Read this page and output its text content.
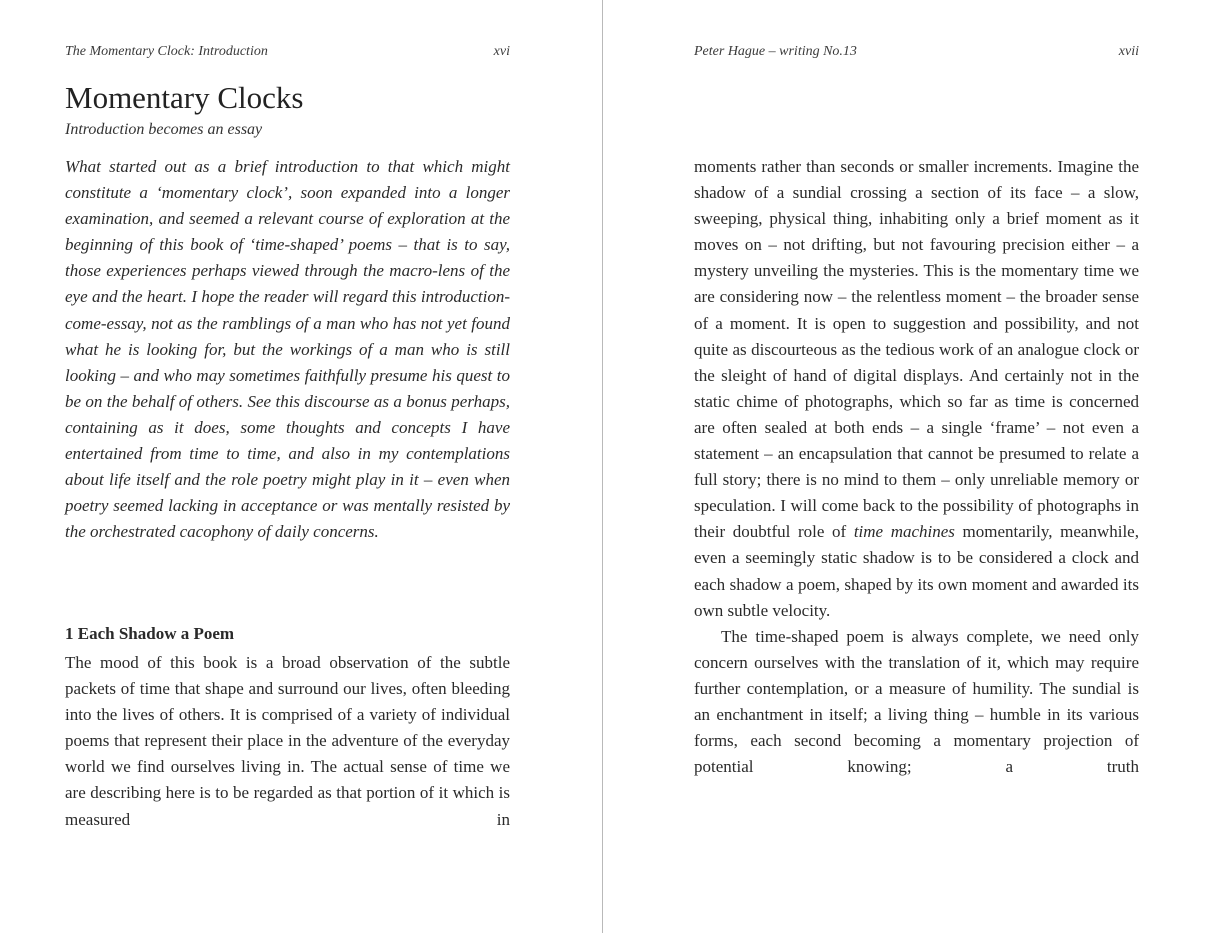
The Momentary Clock: Introduction	xvi
Momentary Clocks
Introduction becomes an essay

What started out as a brief introduction to that which might constitute a ‘momentary clock’, soon expanded into a longer examination, and seemed a relevant course of exploration at the beginning of this book of ‘time-shaped’ poems – that is to say, those experiences perhaps viewed through the macro-lens of the eye and the heart. I hope the reader will regard this introduction-come-essay, not as the ramblings of a man who has not yet found what he is looking for, but the workings of a man who is still looking – and who may sometimes faithfully presume his quest to be on the behalf of others. See this discourse as a bonus perhaps, containing as it does, some thoughts and concepts I have entertained from time to time, and also in my contemplations about life itself and the role poetry might play in it – even when poetry seemed lacking in acceptance or was mentally resisted by the orchestrated cacophony of daily concerns.

1 Each Shadow a Poem

The mood of this book is a broad observation of the subtle packets of time that shape and surround our lives, often bleeding into the lives of others. It is comprised of a variety of individual poems that represent their place in the adventure of the everyday world we find ourselves living in. The actual sense of time we are describing here is to be regarded as that portion of it which is measured in

Peter Hague – writing No.13	xvii

moments rather than seconds or smaller increments. Imagine the shadow of a sundial crossing a section of its face – a slow, sweeping, physical thing, inhabiting only a brief moment as it moves on – not drifting, but not favouring precision either – a mystery unveiling the mysteries. This is the momentary time we are considering now – the relentless moment – the broader sense of a moment. It is open to suggestion and possibility, and not quite as discourteous as the tedious work of an analogue clock or the sleight of hand of digital displays. And certainly not in the static chime of photographs, which so far as time is concerned are often sealed at both ends – a single ‘frame’ – not even a statement – an encapsulation that cannot be presumed to relate a full story; there is no mind to them – only unreliable memory or speculation. I will come back to the possibility of photographs in their doubtful role of time machines momentarily, meanwhile, even a seemingly static shadow is to be considered a clock and each shadow a poem, shaped by its own moment and awarded its own subtle velocity.

The time-shaped poem is always complete, we need only concern ourselves with the translation of it, which may require further contemplation, or a measure of humility. The sundial is an enchantment in itself; a living thing – humble in its various forms, each second becoming a momentary projection of potential knowing; a truth
